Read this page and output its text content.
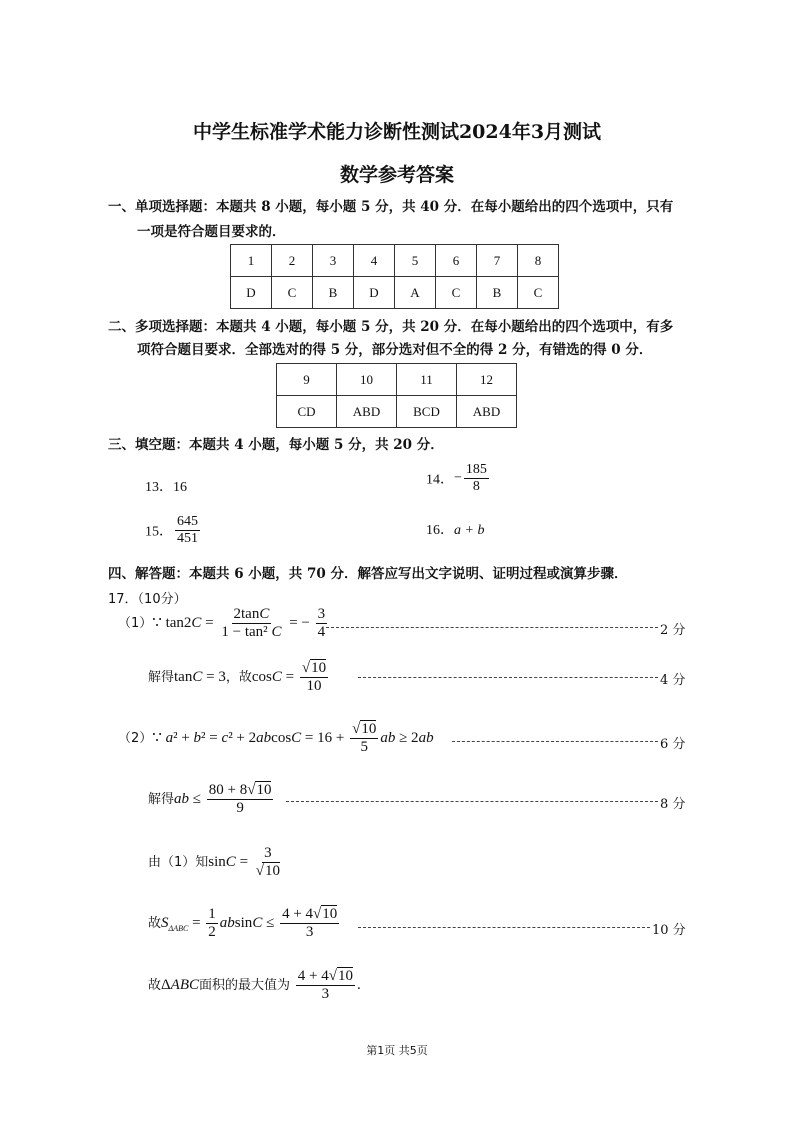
中学生标准学术能力诊断性测试2024年3月测试
数学参考答案
一、单项选择题：本题共 8 小题，每小题 5 分，共 40 分．在每小题给出的四个选项中，只有
一项是符合题目要求的．
1	2	3	4	5	6	7	8
D	C	B	D	A	C	B	C
二、多项选择题：本题共 4 小题，每小题 5 分，共 20 分．在每小题给出的四个选项中，有多
项符合题目要求．全部选对的得 5 分，部分选对但不全的得 2 分，有错选的得 0 分．
9	10	11	12
CD	ABD	BCD	ABD
三、填空题：本题共 4 小题，每小题 5 分，共 20 分．
13．16	14．− $\frac{185}{8}$
15． $\frac{645}{451}$	16．a + b
四、解答题：本题共 6 小题，共 70 分．解答应写出文字说明、证明过程或演算步骤．
17．（10分）
（1）∵ $\tan 2C = \frac{2\tan C}{\text{1 − tan² C}}$ = − $\frac{3}{4}$	2 分
解得tanC = 3，故$\cos C = \frac{√10}{10}$	4 分
（2）∵ $a^2 + b^2 = c^2 + 2abcosC = 16 + \frac{√10}{5}$ ab ≥ 2ab	6 分
解得ab ≤ $\frac{80 + 8√10}{9}$	8 分
由（1）知$\sin C = \frac{3}{√10}$
故$S_{\Delta ABC} = \frac{1}{2}$ $absinC \le \frac{4 + 4√10}{3}$	10 分
故ΔABC面积的最大值为 $\frac{4 + 4√10}{3}$ .
第1页 共5页
